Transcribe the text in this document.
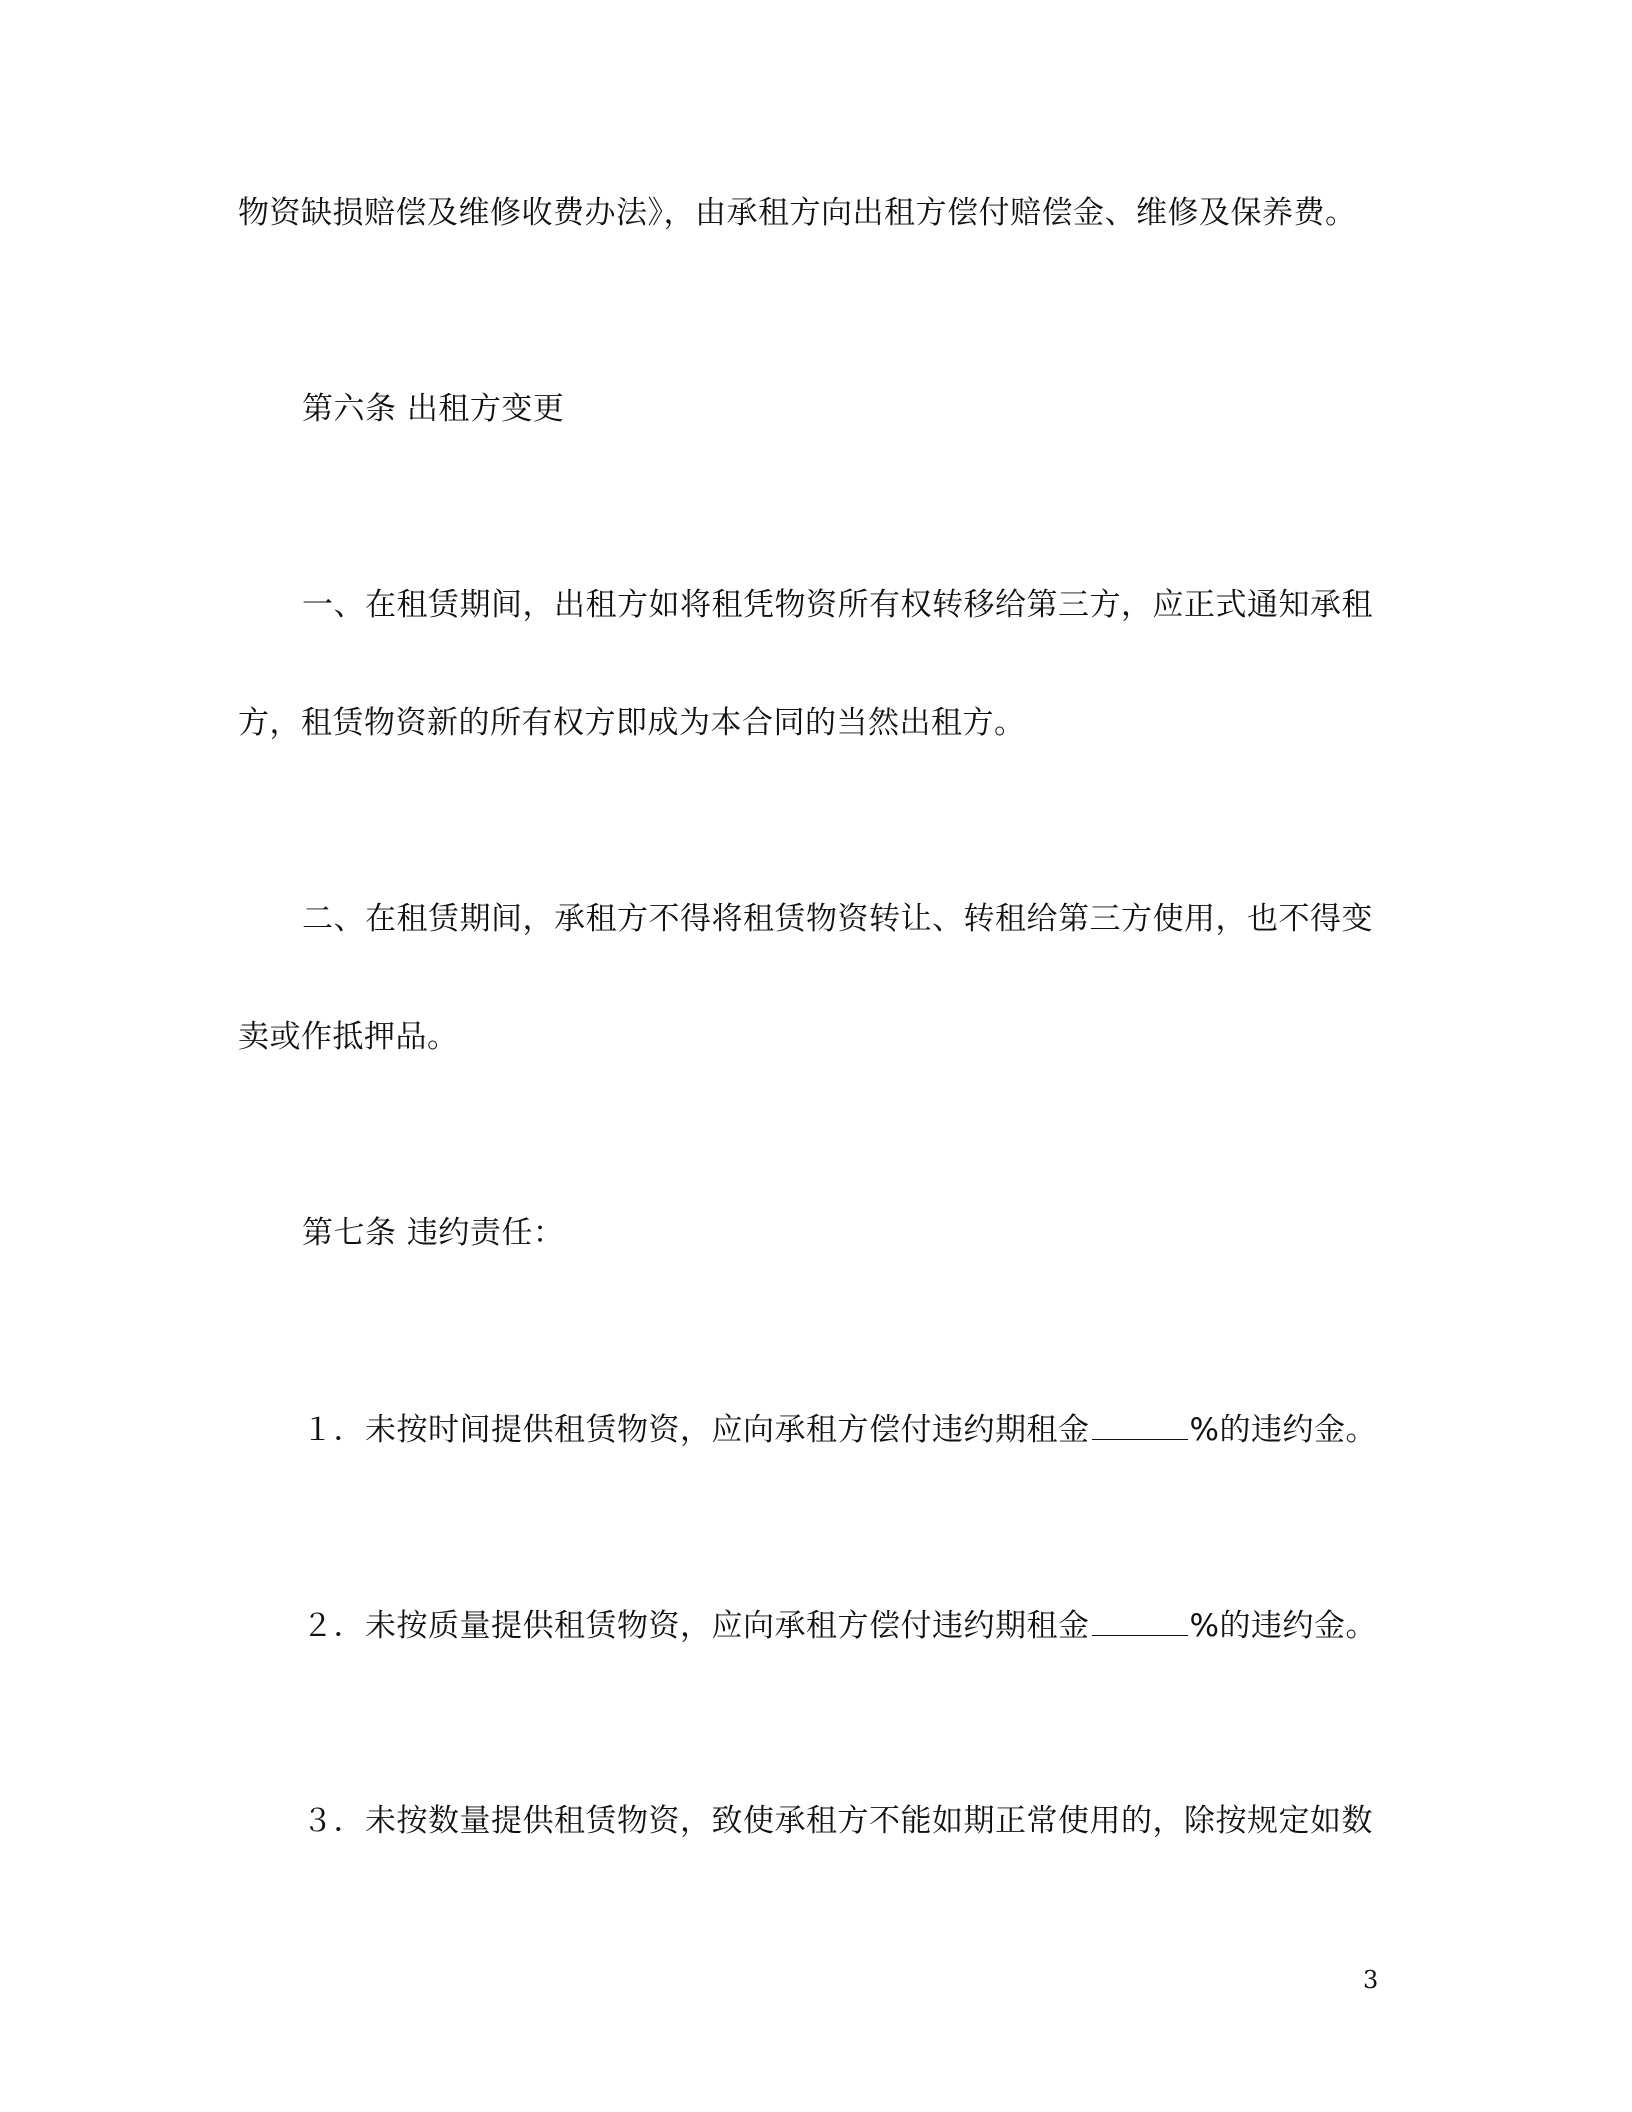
物资缺损赔偿及维修收费办法》，由承租方向出租方偿付赔偿金、维修及保养费。
第六条 出租方变更
一、在租赁期间，出租方如将租凭物资所有权转移给第三方，应正式通知承租
方，租赁物资新的所有权方即成为本合同的当然出租方。
二、在租赁期间，承租方不得将租赁物资转让、转租给第三方使用，也不得变
卖或作抵押品。
第七条 违约责任：
１．未按时间提供租赁物资，应向承租方偿付违约期租金	%的违约金。
２．未按质量提供租赁物资，应向承租方偿付违约期租金	%的违约金。
３．未按数量提供租赁物资，致使承租方不能如期正常使用的，除按规定如数
3
